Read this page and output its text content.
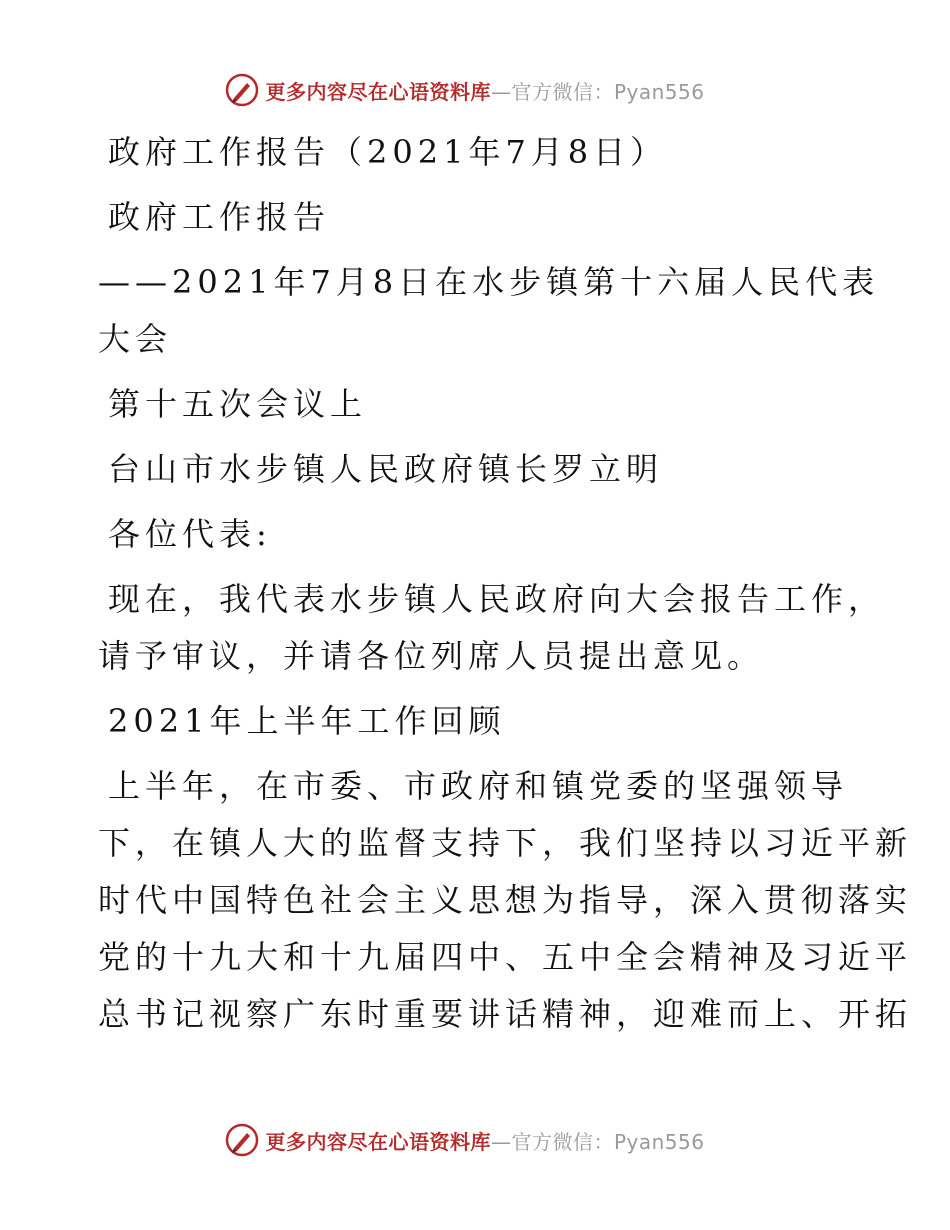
更多内容尽在心语资料库—官方微信：Pyan556
政府工作报告（2021年7月8日）
政府工作报告
——2021年7月8日在水步镇第十六届人民代表
大会
第十五次会议上
台山市水步镇人民政府镇长罗立明
各位代表:
现在，我代表水步镇人民政府向大会报告工作，
请予审议，并请各位列席人员提出意见。
2021年上半年工作回顾
上半年，在市委、市政府和镇党委的坚强领导
下，在镇人大的监督支持下，我们坚持以习近平新
时代中国特色社会主义思想为指导，深入贯彻落实
党的十九大和十九届四中、五中全会精神及习近平
总书记视察广东时重要讲话精神，迎难而上、开拓
更多内容尽在心语资料库—官方微信：Pyan556
